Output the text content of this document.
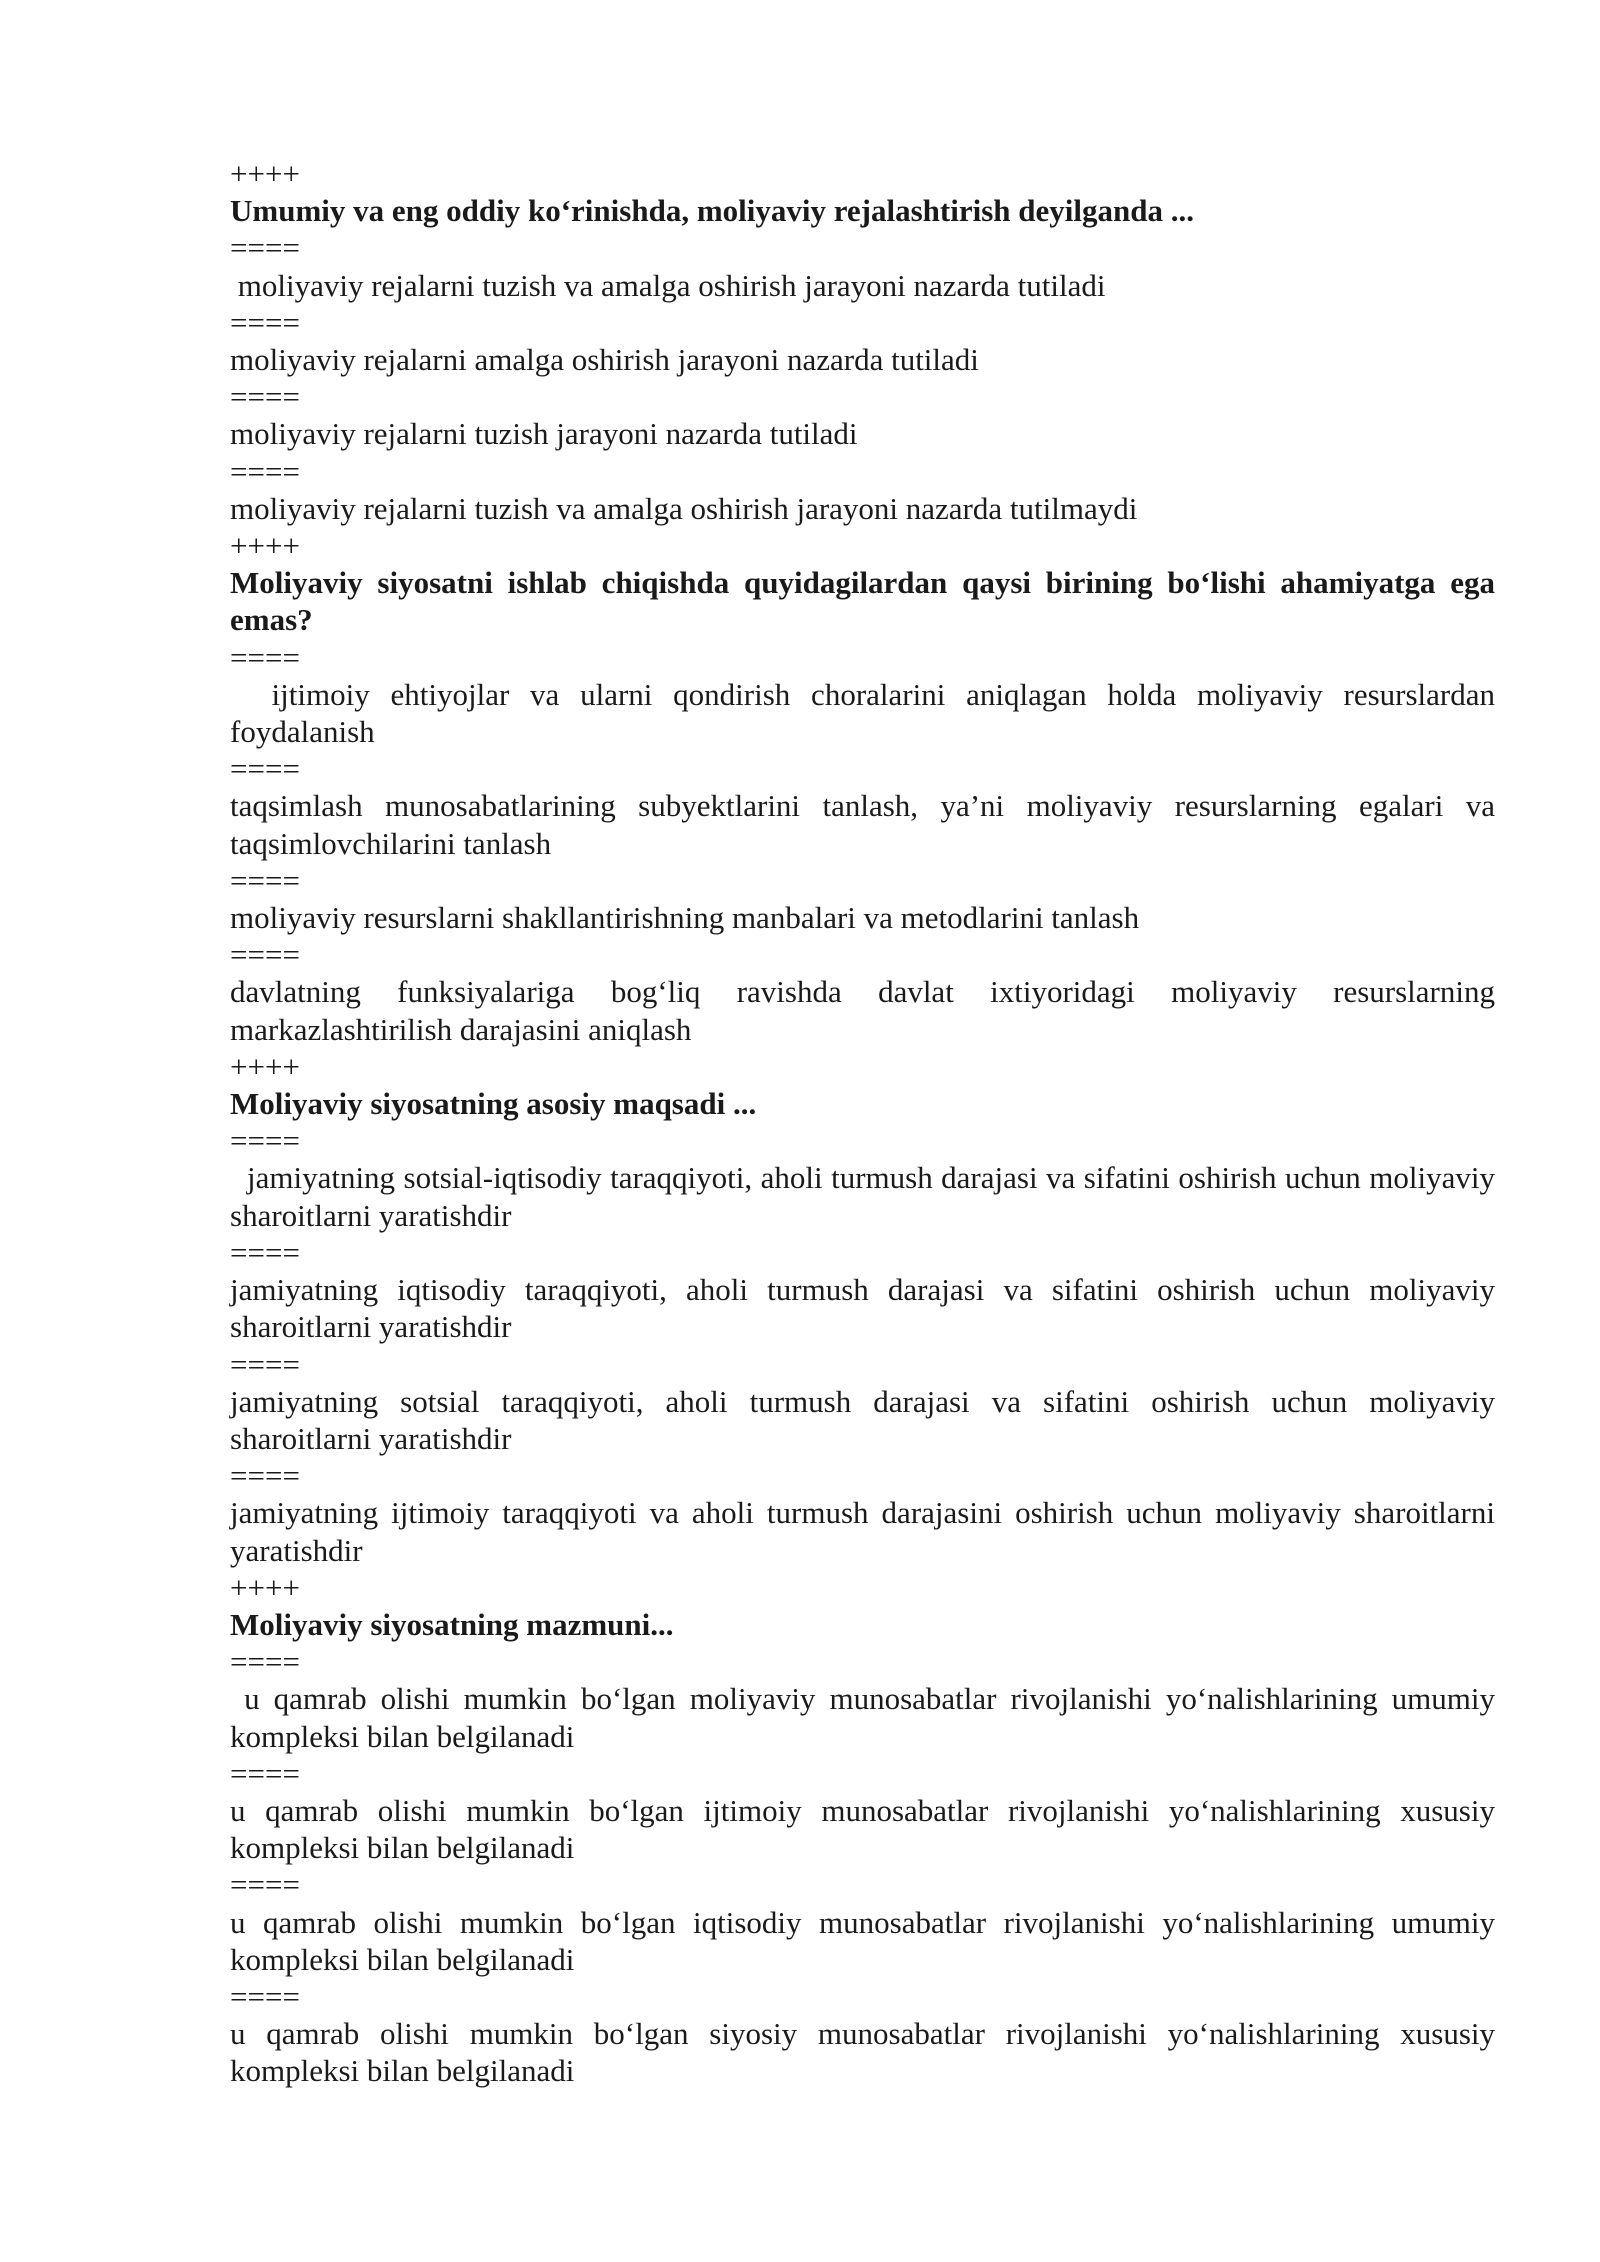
++++
Umumiy va eng oddiy ko‘rinishda, moliyaviy rejalashtirish deyilganda ...
====
moliyaviy rejalarni tuzish va amalga oshirish jarayoni nazarda tutiladi
====
moliyaviy rejalarni amalga oshirish jarayoni nazarda tutiladi
====
moliyaviy rejalarni tuzish jarayoni nazarda tutiladi
====
moliyaviy rejalarni tuzish va amalga oshirish jarayoni nazarda tutilmaydi
++++
Moliyaviy siyosatni ishlab chiqishda quyidagilardan qaysi birining bo‘lishi ahamiyatga ega emas?
====
ijtimoiy ehtiyojlar va ularni qondirish choralarini aniqlagan holda moliyaviy resurslardan foydalanish
====
taqsimlash munosabatlarining subyektlarini tanlash, ya’ni moliyaviy resurslarning egalari va taqsimlovchilarini tanlash
====
moliyaviy resurslarni shakllantirishning manbalari va metodlarini tanlash
====
davlatning funksiyalariga bog‘liq ravishda davlat ixtiyoridagi moliyaviy resurslarning markazlashtirilish darajasini aniqlash
++++
Moliyaviy siyosatning asosiy maqsadi ...
====
jamiyatning sotsial-iqtisodiy taraqqiyoti, aholi turmush darajasi va sifatini oshirish uchun moliyaviy sharoitlarni yaratishdir
====
jamiyatning iqtisodiy taraqqiyoti, aholi turmush darajasi va sifatini oshirish uchun moliyaviy sharoitlarni yaratishdir
====
jamiyatning sotsial taraqqiyoti, aholi turmush darajasi va sifatini oshirish uchun moliyaviy sharoitlarni yaratishdir
====
jamiyatning ijtimoiy taraqqiyoti va aholi turmush darajasini oshirish uchun moliyaviy sharoitlarni yaratishdir
++++
Moliyaviy siyosatning mazmuni...
====
u qamrab olishi mumkin bo‘lgan moliyaviy munosabatlar rivojlanishi yo‘nalishlarining umumiy kompleksi bilan belgilanadi
====
u qamrab olishi mumkin bo‘lgan ijtimoiy munosabatlar rivojlanishi yo‘nalishlarining xususiy kompleksi bilan belgilanadi
====
u qamrab olishi mumkin bo‘lgan iqtisodiy munosabatlar rivojlanishi yo‘nalishlarining umumiy kompleksi bilan belgilanadi
====
u qamrab olishi mumkin bo‘lgan siyosiy munosabatlar rivojlanishi yo‘nalishlarining xususiy kompleksi bilan belgilanadi
